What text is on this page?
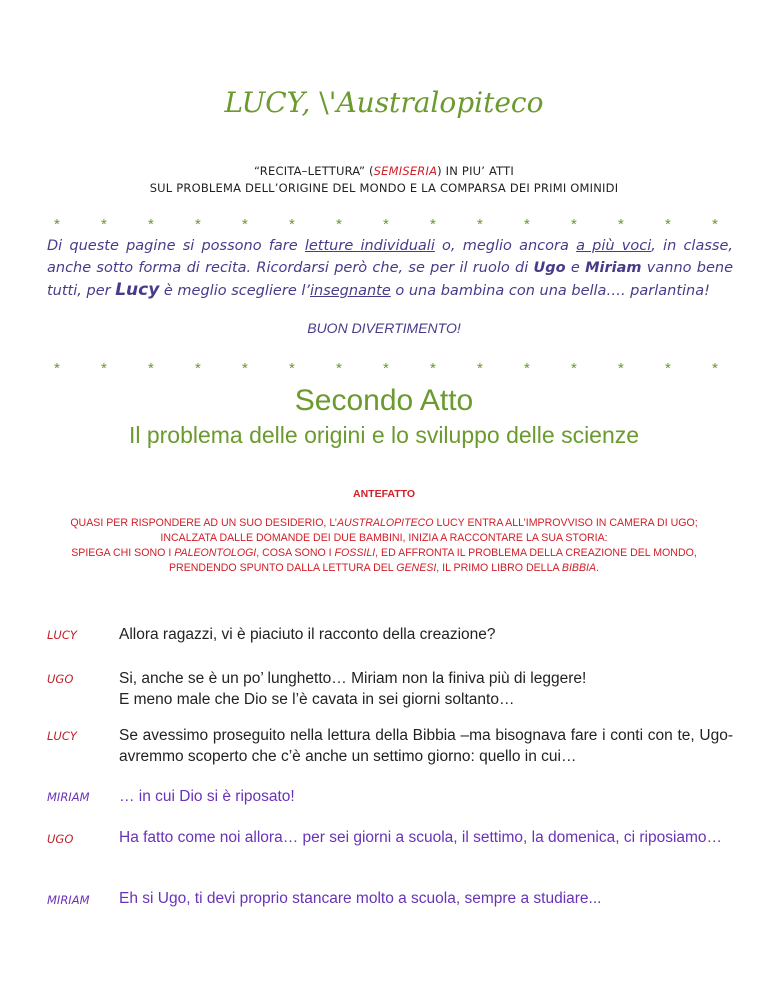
LUCY, \'Australopiteco
“RECITA–LETTURA” (SEMISERIA) IN PIU’ ATTI
SUL PROBLEMA DELL’ORIGINE DEL MONDO E LA COMPARSA DEI PRIMI OMINIDI
*	*	*	*	*	*	*	*	*	*	*	*	*	*	*
Di queste pagine si possono fare letture individuali o, meglio ancora a più voci, in classe, anche sotto forma di recita. Ricordarsi però che, se per il ruolo di Ugo e Miriam vanno bene tutti, per Lucy è meglio scegliere l’insegnante o una bambina con una bella…. parlantina!
BUON DIVERTIMENTO!
*	*	*	*	*	*	*	*	*	*	*	*	*	*	*
Secondo Atto
Il problema delle origini e lo sviluppo delle scienze
ANTEFATTO
QUASI PER RISPONDERE AD UN SUO DESIDERIO, L’AUSTRALOPITECO LUCY ENTRA ALL’IMPROVVISO IN CAMERA DI UGO; INCALZATA DALLE DOMANDE DEI DUE BAMBINI, INIZIA A RACCONTARE LA SUA STORIA:
SPIEGA CHI SONO I PALEONTOLOGI, COSA SONO I FOSSILI, ED AFFRONTA IL PROBLEMA DELLA CREAZIONE DEL MONDO, PRENDENDO SPUNTO DALLA LETTURA DEL GENESI, IL PRIMO LIBRO DELLA BIBBIA.
LUCY	Allora ragazzi, vi è piaciuto il racconto della creazione?
UGO	Si, anche se è un po’ lunghetto… Miriam non la finiva più di leggere!
E meno male che Dio se l’è cavata in sei giorni soltanto…
LUCY	Se avessimo proseguito nella lettura della Bibbia –ma bisognava fare i conti con te, Ugo- avremmo scoperto che c’è anche un settimo giorno: quello in cui…
MIRIAM	… in cui Dio si è riposato!
UGO	Ha fatto come noi allora… per sei giorni a scuola, il settimo, la domenica, ci riposiamo…
MIRIAM	Eh si Ugo, ti devi proprio stancare molto a scuola, sempre a studiare...
